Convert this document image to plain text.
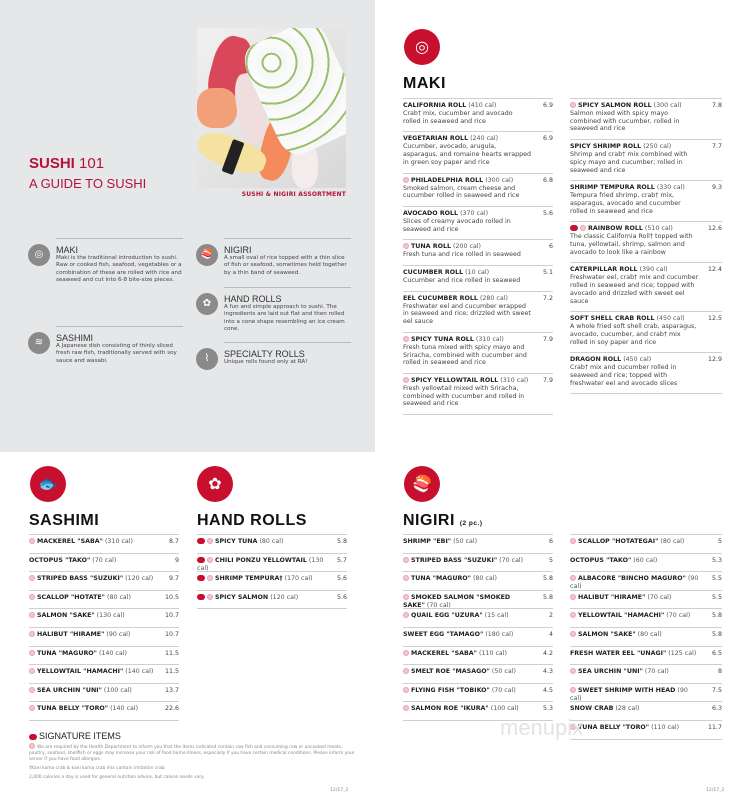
SUSHI & NIGIRI ASSORTMENT
SUSHI 101
A GUIDE TO SUSHI
◎	MAKI
Maki is the traditional introduction to sushi. Raw or cooked fish, seafood, vegetables or a combination of these are rolled with rice and seaweed and cut into 6-8 bite-size pieces.
≋	SASHIMI
A Japanese dish consisting of thinly sliced fresh raw fish, traditionally served with soy sauce and wasabi.
🍣	NIGIRI
A small oval of rice topped with a thin slice of fish or seafood, sometimes held together by a thin band of seaweed.
✿	HAND ROLLS
A fun and simple approach to sushi. The ingredients are laid out flat and then rolled into a cone shape resembling an ice cream cone.
⌇	SPECIALTY ROLLS
Unique rolls found only at RA!
◎
MAKI
CALIFORNIA ROLL (410 cal)	6.9
Crab† mix, cucumber and avocado rolled in seaweed and rice
VEGETARIAN ROLL (240 cal)	6.9
Cucumber, avocado, arugula, asparagus, and romaine hearts wrapped in green soy paper and rice
PHILADELPHIA ROLL (300 cal)	6.8
Smoked salmon, cream cheese and cucumber rolled in seaweed and rice
AVOCADO ROLL (370 cal)	5.6
Slices of creamy avocado rolled in seaweed and rice
TUNA ROLL (200 cal)	6
Fresh tuna and rice rolled in seaweed
CUCUMBER ROLL (10 cal)	5.1
Cucumber and rice rolled in seaweed
EEL CUCUMBER ROLL (280 cal)	7.2
Freshwater eel and cucumber wrapped in seaweed and rice; drizzled with sweet eel sauce
SPICY TUNA ROLL (310 cal)	7.9
Fresh tuna mixed with spicy mayo and Sriracha, combined with cucumber and rolled in seaweed and rice
SPICY YELLOWTAIL ROLL (310 cal) 7.9
Fresh yellowtail mixed with Sriracha, combined with cucumber and rolled in seaweed and rice
SPICY SALMON ROLL (300 cal)	7.8
Salmon mixed with spicy mayo combined with cucumber, rolled in seaweed and rice
SPICY SHRIMP ROLL (250 cal)	7.7
Shrimp and crab† mix combined with spicy mayo and cucumber; rolled in seaweed and rice
SHRIMP TEMPURA ROLL (330 cal)	9.3
Tempura fried shrimp, crab† mix, asparagus, avocado and cucumber rolled in seaweed and rice
RAINBOW ROLL (510 cal)	12.6
The classic California Roll† topped with tuna, yellowtail, shrimp, salmon and avocado to look like a rainbow
CATERPILLAR ROLL (390 cal)	12.4
Freshwater eel, crab† mix and cucumber rolled in seaweed and rice; topped with avocado and drizzled with sweet eel sauce
SOFT SHELL CRAB ROLL (450 cal)	12.5
A whole fried soft shell crab, asparagus, avocado, cucumber, and crab† mix rolled in soy paper and rice
DRAGON ROLL (450 cal)	12.9
Crab† mix and cucumber rolled in seaweed and rice; topped with freshwater eel and avocado slices
🐟
SASHIMI
MACKEREL "SABA" (310 cal)	8.7
OCTOPUS "TAKO" (70 cal)	9
STRIPED BASS "SUZUKI" (120 cal)	9.7
SCALLOP "HOTATE" (80 cal)	10.5
SALMON "SAKE" (130 cal)	10.7
HALIBUT "HIRAME" (90 cal)	10.7
TUNA "MAGURO" (140 cal)	11.5
YELLOWTAIL "HAMACHI" (140 cal) 11.5
SEA URCHIN "UNI" (100 cal)	13.7
TUNA BELLY "TORO" (140 cal)	22.6
✿
HAND ROLLS
SPICY TUNA (80 cal)	5.8
CHILI PONZU YELLOWTAIL (130 cal)
5.7
SHRIMP TEMPURA† (170 cal)	5.6
SPICY SALMON (120 cal)	5.6
🍣
NIGIRI (2 pc.)
SHRIMP "EBI" (50 cal)	6
STRIPED BASS "SUZUKI" (70 cal)	5
TUNA "MAGURO" (80 cal)	5.8
SMOKED SALMON "SMOKED SAKE" (70 cal)
5.8
QUAIL EGG "UZURA" (15 cal)	2
SWEET EGG "TAMAGO" (180 cal)	4
MACKEREL "SABA" (110 cal)	4.2
SMELT ROE "MASAGO" (50 cal)	4.3
FLYING FISH "TOBIKO" (70 cal)	4.5
SALMON ROE "IKURA" (100 cal)	5.3
SCALLOP "HOTATEGAI" (80 cal)	5
OCTOPUS "TAKO" (60 cal)	5.3
ALBACORE "BINCHO MAGURO" (90 cal)
5.5
HALIBUT "HIRAME" (70 cal)	5.5
YELLOWTAIL "HAMACHI" (70 cal)	5.8
SALMON "SAKE" (80 cal)	5.8
FRESH WATER EEL "UNAGI" (125 cal) 6.5
SEA URCHIN "UNI" (70 cal)	8
SWEET SHRIMP WITH HEAD (90 cal)
7.5
SNOW CRAB (28 cal)	6.3
TUNA BELLY "TORO" (110 cal)	11.7
menupix
SIGNATURE ITEMS

We are required by the Health Department to inform you that the items indicated contain raw fish and consuming raw or uncooked meats, poultry, seafood, shellfish or eggs may increase your risk of food borne illness, especially if you have certain medical conditions. Please inform your server if you have food allergies.

†Kani kama crab & kani kama crab mix contain imitation crab.

2,000 calories a day is used for general nutrition advice, but calorie needs vary.

12/17_2	12/17_2
